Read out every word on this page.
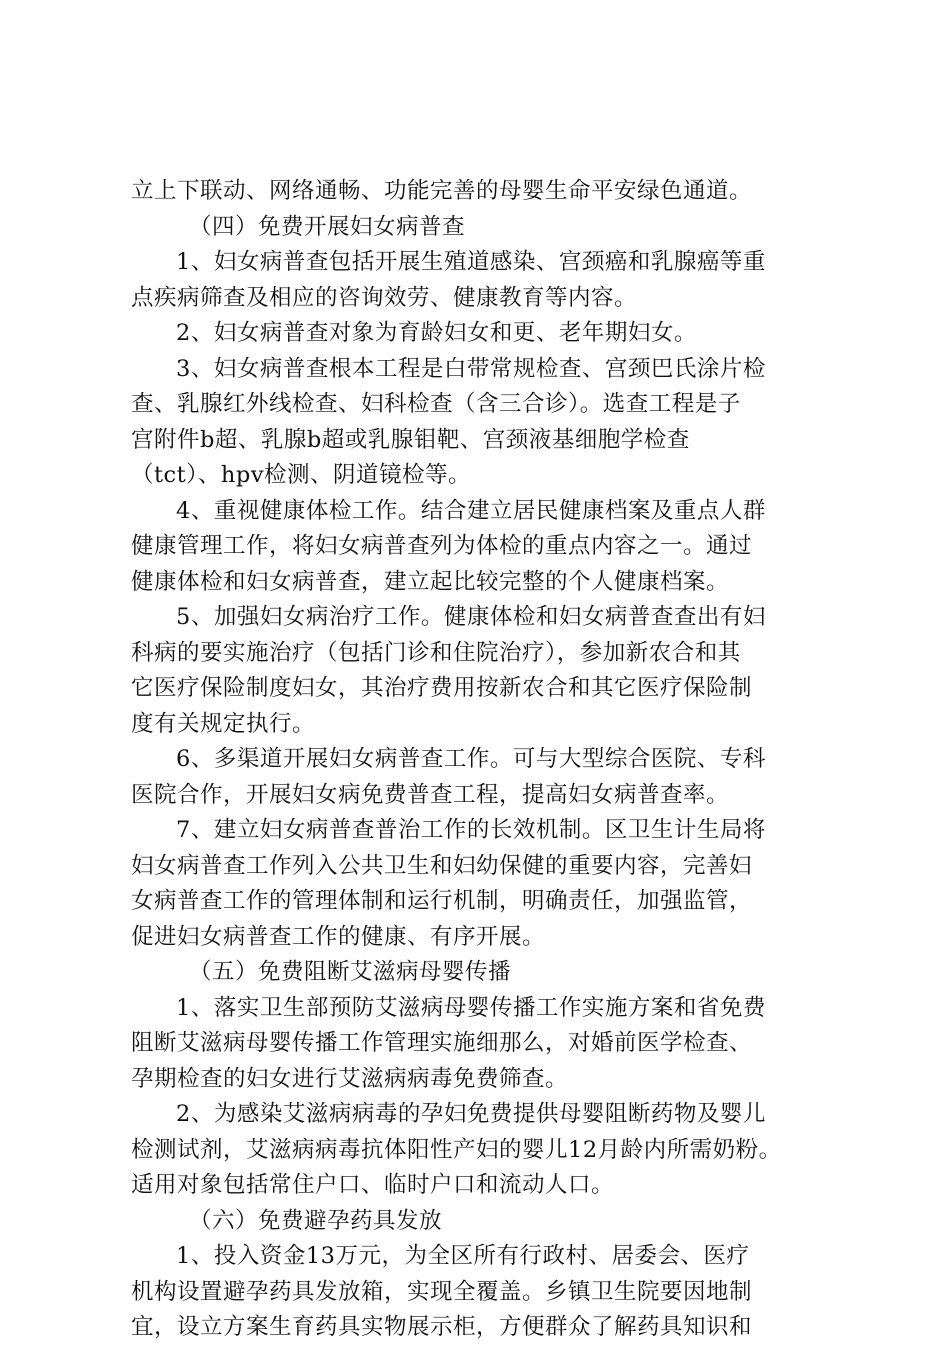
立上下联动、网络通畅、功能完善的母婴生命平安绿色通道。
（四）免费开展妇女病普查
1、妇女病普查包括开展生殖道感染、宫颈癌和乳腺癌等重
点疾病筛查及相应的咨询效劳、健康教育等内容。
2、妇女病普查对象为育龄妇女和更、老年期妇女。
3、妇女病普查根本工程是白带常规检查、宫颈巴氏涂片检
查、乳腺红外线检查、妇科检查（含三合诊）。选查工程是子
宫附件b超、乳腺b超或乳腺钼靶、宫颈液基细胞学检查
（tct）、hpv检测、阴道镜检等。
4、重视健康体检工作。结合建立居民健康档案及重点人群
健康管理工作，将妇女病普查列为体检的重点内容之一。通过
健康体检和妇女病普查，建立起比较完整的个人健康档案。
5、加强妇女病治疗工作。健康体检和妇女病普查查出有妇
科病的要实施治疗（包括门诊和住院治疗），参加新农合和其
它医疗保险制度妇女，其治疗费用按新农合和其它医疗保险制
度有关规定执行。
6、多渠道开展妇女病普查工作。可与大型综合医院、专科
医院合作，开展妇女病免费普查工程，提高妇女病普查率。
7、建立妇女病普查普治工作的长效机制。区卫生计生局将
妇女病普查工作列入公共卫生和妇幼保健的重要内容，完善妇
女病普查工作的管理体制和运行机制，明确责任，加强监管，
促进妇女病普查工作的健康、有序开展。
（五）免费阻断艾滋病母婴传播
1、落实卫生部预防艾滋病母婴传播工作实施方案和省免费
阻断艾滋病母婴传播工作管理实施细那么，对婚前医学检查、
孕期检查的妇女进行艾滋病病毒免费筛查。
2、为感染艾滋病病毒的孕妇免费提供母婴阻断药物及婴儿
检测试剂，艾滋病病毒抗体阳性产妇的婴儿12月龄内所需奶粉。
适用对象包括常住户口、临时户口和流动人口。
（六）免费避孕药具发放
1、投入资金13万元，为全区所有行政村、居委会、医疗
机构设置避孕药具发放箱，实现全覆盖。乡镇卫生院要因地制
宜，设立方案生育药具实物展示柜，方便群众了解药具知识和
